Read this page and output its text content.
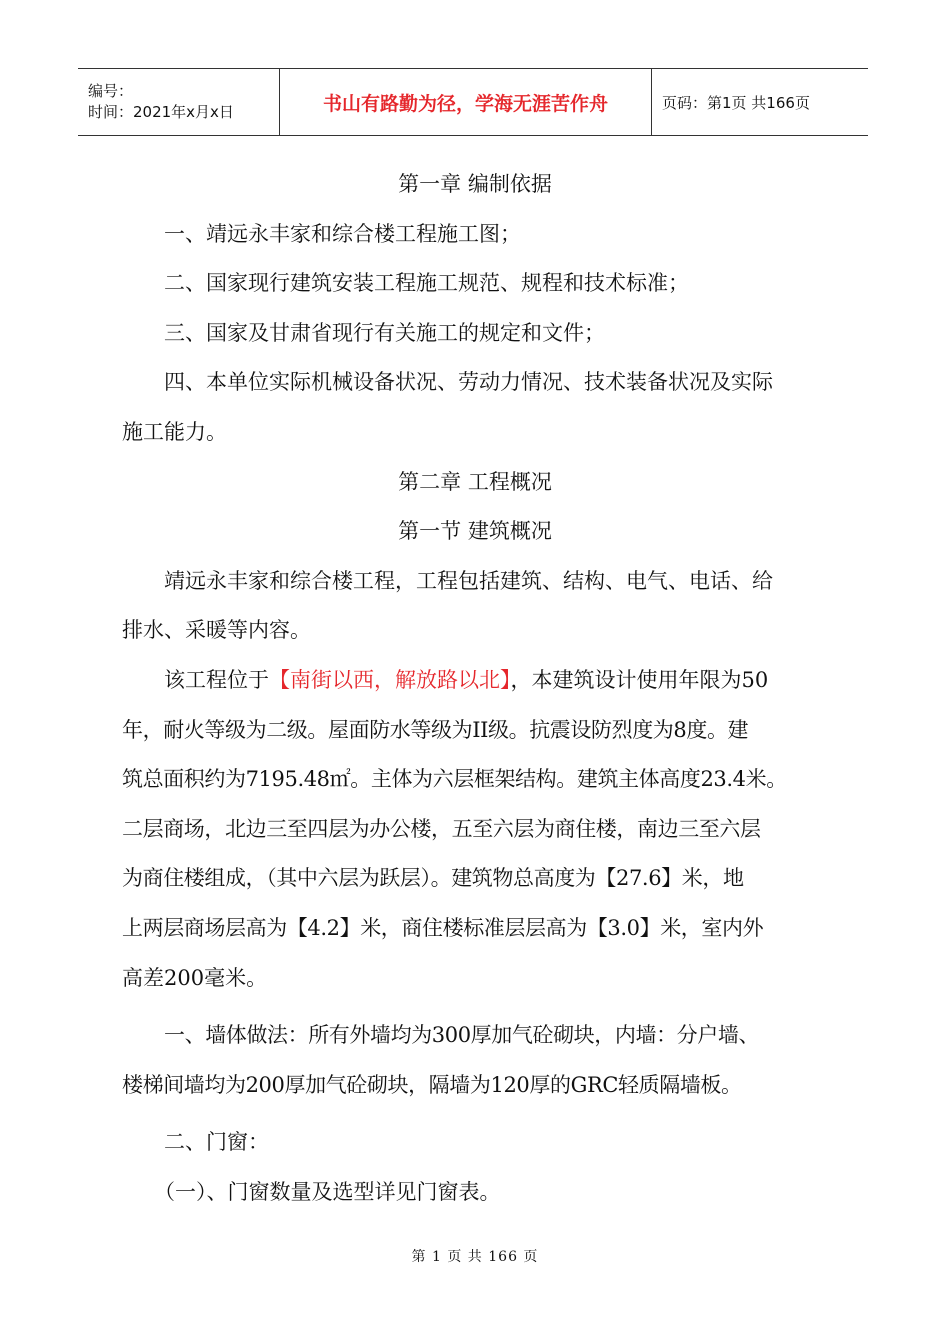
编号：
时间：2021年x月x日	书山有路勤为径，学海无涯苦作舟	页码：第1页 共166页
第一章 编制依据
一、靖远永丰家和综合楼工程施工图；
二、国家现行建筑安装工程施工规范、规程和技术标准；
三、国家及甘肃省现行有关施工的规定和文件；
四、本单位实际机械设备状况、劳动力情况、技术装备状况及实际
施工能力。
第二章 工程概况
第一节 建筑概况
靖远永丰家和综合楼工程，工程包括建筑、结构、电气、电话、给
排水、采暖等内容。
该工程位于【南街以西，解放路以北】，本建筑设计使用年限为50
年，耐火等级为二级。屋面防水等级为II级。抗震设防烈度为8度。建
筑总面积约为7195.48㎡。主体为六层框架结构。建筑主体高度23.4米。
二层商场，北边三至四层为办公楼，五至六层为商住楼，南边三至六层
为商住楼组成，（其中六层为跃层）。建筑物总高度为【27.6】米，地
上两层商场层高为【4.2】米，商住楼标准层层高为【3.0】米，室内外
高差200毫米。
一、墙体做法：所有外墙均为300厚加气砼砌块，内墙：分户墙、
楼梯间墙均为200厚加气砼砌块，隔墙为120厚的GRC轻质隔墙板。
二、门窗：
（一）、门窗数量及选型详见门窗表。
第 1 页 共 166 页
